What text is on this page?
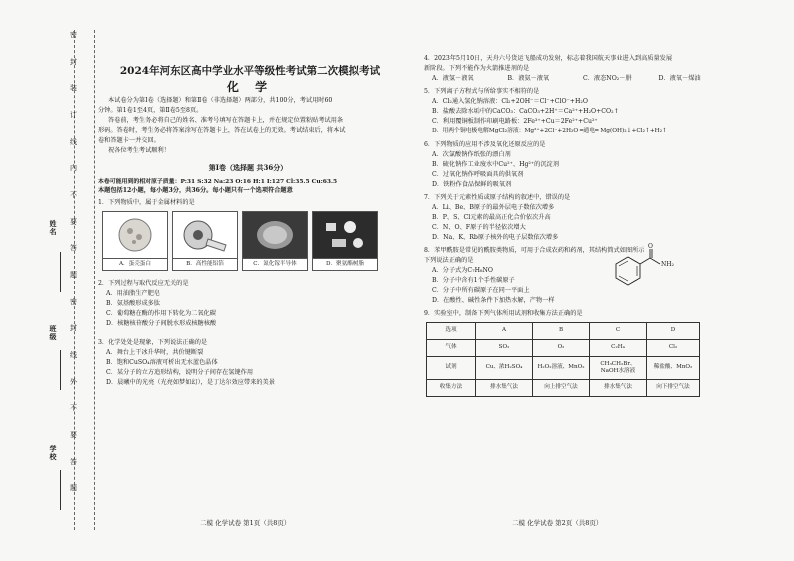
姓名
班级
学校
密
封
装
订
线
内
不
要
答
题
密
封
线
外
不
要
答
题
2024年河东区高中学业水平等级性考试第二次模拟考试
化 学
本试卷分为第Ⅰ卷（选择题）和第Ⅱ卷（非选择题）两部分，共100分，考试用时60
分钟。第1卷1至4页，第Ⅱ卷5至8页。
答卷前，考生务必将自己的姓名、准考号填写在答题卡上，并在规定位置粘贴考试用条
形码。答卷时，考生务必将答案涂写在答题卡上，答在试卷上的无效。考试结束后，将本试
卷和答题卡一并交回。
祝各位考生考试顺利！
第Ⅰ卷（选择题 共36分）
本卷可能用到的相对原子质量：P:31 S:32 Na:23 O:16 H:1 I:127 Cl:35.5 Cu:63.5
本题包括12小题，每小题3分，共36分。每小题只有一个选项符合题意
1．下列物质中，属于金属材料的是
A．蛋壳蛋白	B．高性能铝箔	C．氮化镓半导体	D．聚氨酯树脂
2．下列过程与取代反应无关的是
A．用油脂生产肥皂
B．氨基酸形成多肽
C．葡萄糖在酶的作用下转化为二氧化碳
D．核糖核苷酸分子间脱水形成核糖核酸
3．化学处处是现象，下列说法正确的是
A．舞台上干冰升华时，共价键断裂
B．饱和CuSO₄溶液可析出无水蓝色晶体
C．某分子的立方追形结构，说明分子间存在氢键作用
D．晨曦中的光亮（光亮如梦如幻），是丁达尔效应带来的美景
二模 化学试卷 第1页（共8页）
4．2023年5月10日，天舟六号货运飞船成功发射，标志着我国航天事业进入到高质量发展
新阶段。下列不能作为火箭推进剂的是
A．液氢－液氧	B．液氨－液氧	C．液态NO₂－肼	D．液氧－煤油
5．下列离子方程式与所给事实不相符的是
A．Cl₂通入氢化钠溶液：Cl₂+2OH⁻＝Cl⁻+ClO⁻+H₂O
B．盐酸去除水垢中的CaCO₃：CaCO₃+2H⁺＝Ca²⁺+H₂O+CO₂↑
C．利用覆铜板制作印刷电路板：2Fe³⁺+Cu＝2Fe²⁺+Cu²⁺
D．用两个铜电极电解MgCl₂溶液：Mg²⁺+2Cl⁻+2H₂O ═通电═ Mg(OH)₂↓+Cl₂↑+H₂↑
6．下列物质的应用不涉及氧化还原反应的是
A．次氯酸钠作纸张的漂白剂
B．硫化钠作工业废水中Cu²⁺、Hg²⁺的沉淀剂
C．过氧化钠作呼吸面具的供氧剂
D．铁粉作食品保鲜的吸氧剂
7．下列关于元素性质或原子结构的叙述中，错误的是
A．Li、Be、B原子的最外层电子数依次增多
B．P、S、Cl元素的最高正化合价依次升高
C．N、O、F原子的半径依次增大
D．Na、K、Rb原子核外的电子层数依次增多
8．苯甲酰胺是常见的酰胺类物质，可用于合成农药和药剂，其结构简式如图所示
下列说法正确的是
A．分子式为C₇H₈NO
B．分子中含有1个手性碳原子
C．分子中所有碳原子在同一平面上
D．在酸性、碱性条件下加热水解，产物一样
O
NH₂
9．实验室中，制备下列气体所用试剂和收集方法正确的是
选项	A	B	C	D
气体	SO₂	O₂	C₂H₄	Cl₂
试剂	Cu、浓H₂SO₄	H₂O₂溶液、MnO₂	CH₃CH₂Br、NaOH水溶液	稀盐酸、MnO₂
收集方法	排水集气法	向上排空气法	排水集气法	向下排空气法
二模 化学试卷 第2页（共8页）
